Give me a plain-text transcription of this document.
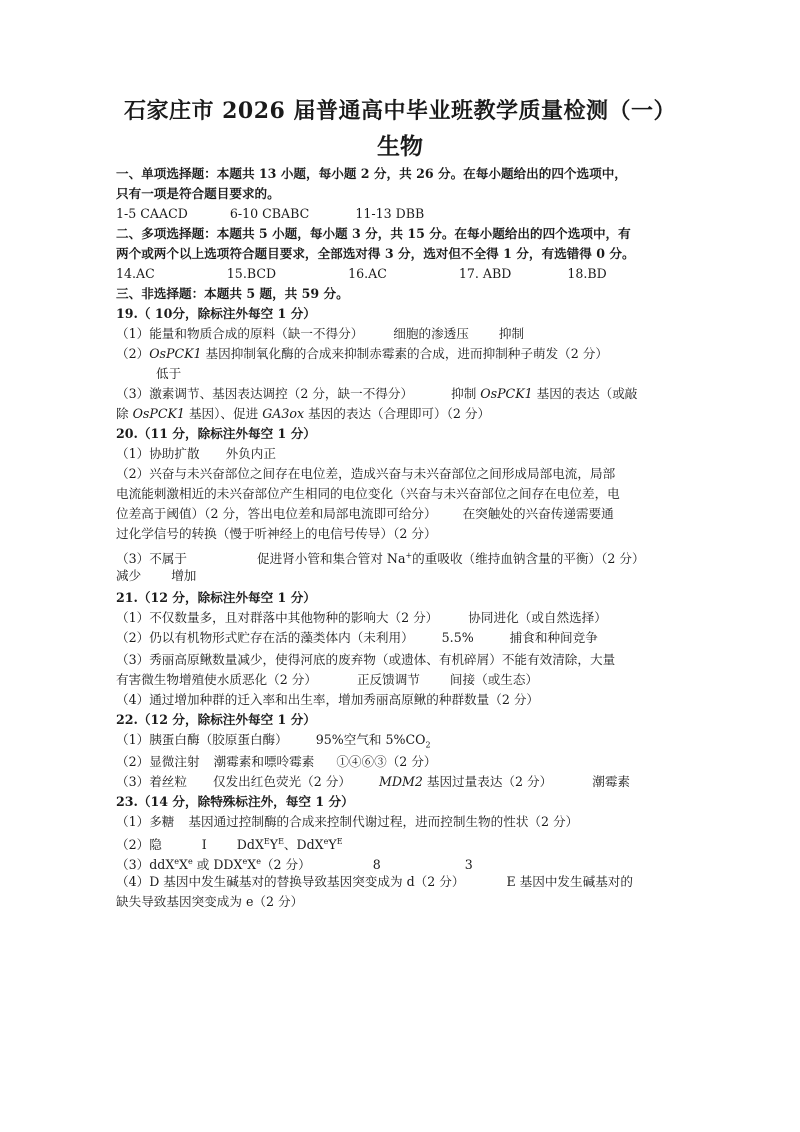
石家庄市 2026 届普通高中毕业班教学质量检测（一）
生物
一、单项选择题：本题共 13 小题，每小题 2 分，共 26 分。在每小题给出的四个选项中，
只有一项是符合题目要求的。
1-5 CAACD	6-10 CBABC	11-13 DBB
二、多项选择题：本题共 5 小题，每小题 3 分，共 15 分。在每小题给出的四个选项中，有
两个或两个以上选项符合题目要求，全部选对得 3 分，选对但不全得 1 分，有选错得 0 分。
14.AC	15.BCD	16.AC	17. ABD	18.BD
三、非选择题：本题共 5 题，共 59 分。
19.（ 10分，除标注外每空 1 分）
（1）能量和物质合成的原料（缺一不得分） 细胞的渗透压 抑制
（2）OsPCK1 基因抑制氧化酶的合成来抑制赤霉素的合成，进而抑制种子萌发（2 分）
低于
（3）激素调节、基因表达调控（2 分，缺一不得分）	抑制 OsPCK1 基因的表达（或敲
除 OsPCK1 基因）、促进 GA3ox 基因的表达（合理即可）（2 分）
20.（11 分，除标注外每空 1 分）
（1）协助扩散 外负内正
（2）兴奋与未兴奋部位之间存在电位差，造成兴奋与未兴奋部位之间形成局部电流，局部
电流能刺激相近的未兴奋部位产生相同的电位变化（兴奋与未兴奋部位之间存在电位差，电
位差高于阈值）（2 分，答出电位差和局部电流即可给分） 在突触处的兴奋传递需要通
过化学信号的转换（慢于听神经上的电信号传导）（2 分）
（3）不属于	促进肾小管和集合管对 Na+的重吸收（维持血钠含量的平衡）（2 分）
减少 增加
21.（12 分，除标注外每空 1 分）
（1）不仅数量多，且对群落中其他物种的影响大（2 分） 协同进化（或自然选择）
（2）仍以有机物形式贮存在活的藻类体内（未利用） 5.5%	捕食和种间竞争
（3）秀丽高原鳅数量减少，使得河底的废弃物（或遗体、有机碎屑）不能有效清除，大量
有害微生物增殖使水质恶化（2 分）	正反馈调节 间接（或生态）
（4）通过增加种群的迁入率和出生率，增加秀丽高原鳅的种群数量（2 分）
22.（12 分，除标注外每空 1 分）
（1）胰蛋白酶（胶原蛋白酶） 95%空气和 $5\%CO_2$
（2）显微注射 潮霉素和嘌呤霉素 ①④⑥③（2 分）
（3）着丝粒 仅发出红色荧光（2 分） MDM2 基因过量表达（2 分）	潮霉素
23.（14 分，除特殊标注外，每空 1 分）
（1）多糖 基因通过控制酶的合成来控制代谢过程，进而控制生物的性状（2 分）
（2）隐	I $DdX^EY^E$、$DdX^eY^E$
（3）ddX$^e$Xe 或 DDXeXe（2 分）	8	3
（4）D 基因中发生碱基对的替换导致基因突变成为 d（2 分）	E 基因中发生碱基对的
缺失导致基因突变成为 e（2 分）
